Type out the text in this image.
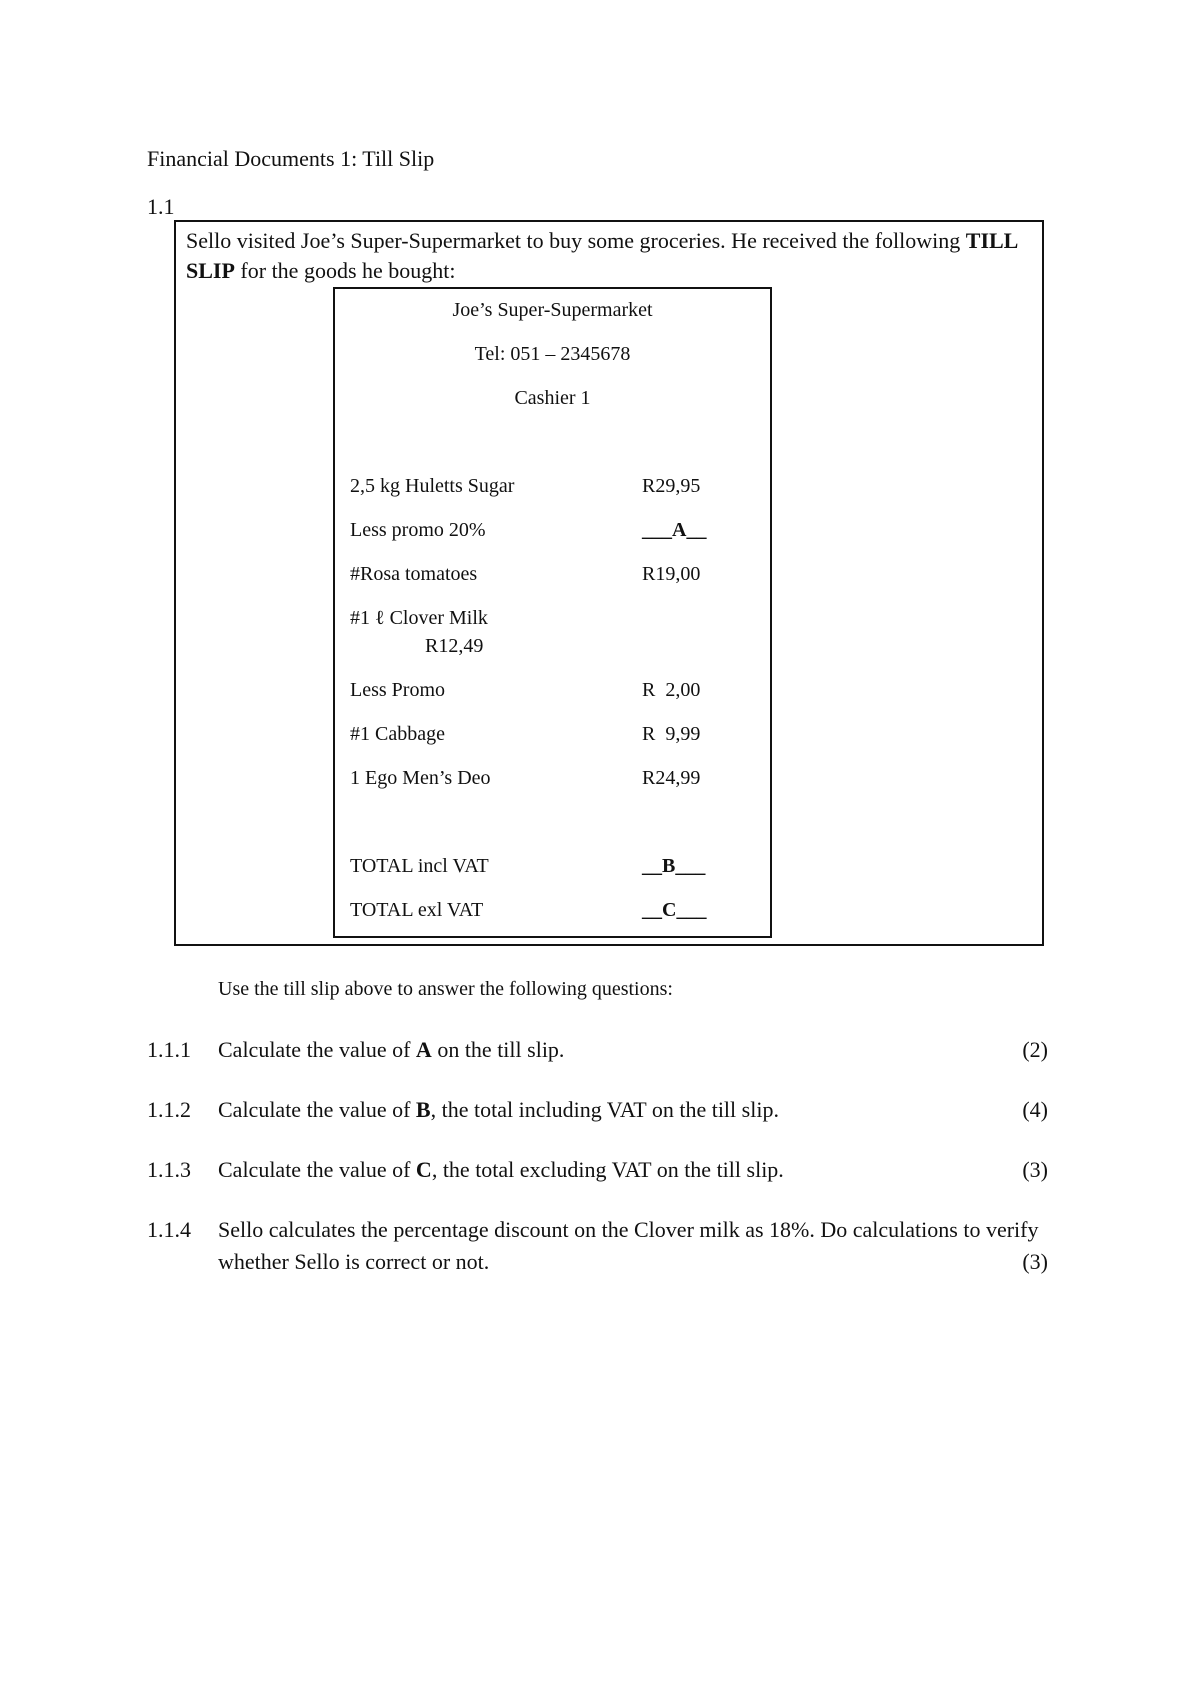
Financial Documents 1: Till Slip
1.1
Sello visited Joe’s Super-Supermarket to buy some groceries. He received the following TILL SLIP for the goods he bought:
Joe’s Super-Supermarket
Tel: 051 – 2345678
Cashier 1
2,5 kg Huletts Sugar	R29,95
Less promo 20%	___A__
#Rosa tomatoes	R19,00
#1 ℓ Clover Milk
R12,49
Less Promo	R  2,00
#1 Cabbage	R  9,99
1 Ego Men’s Deo	R24,99
TOTAL incl VAT	__B___
TOTAL exl VAT	__C___
Use the till slip above to answer the following questions:
1.1.1 Calculate the value of A on the till slip.	(2)
1.1.2 Calculate the value of B, the total including VAT on the till slip.	(4)
1.1.3 Calculate the value of C, the total excluding VAT on the till slip.	(3)
1.1.4 Sello calculates the percentage discount on the Clover milk as 18%. Do calculations to verify whether Sello is correct or not.	(3)
